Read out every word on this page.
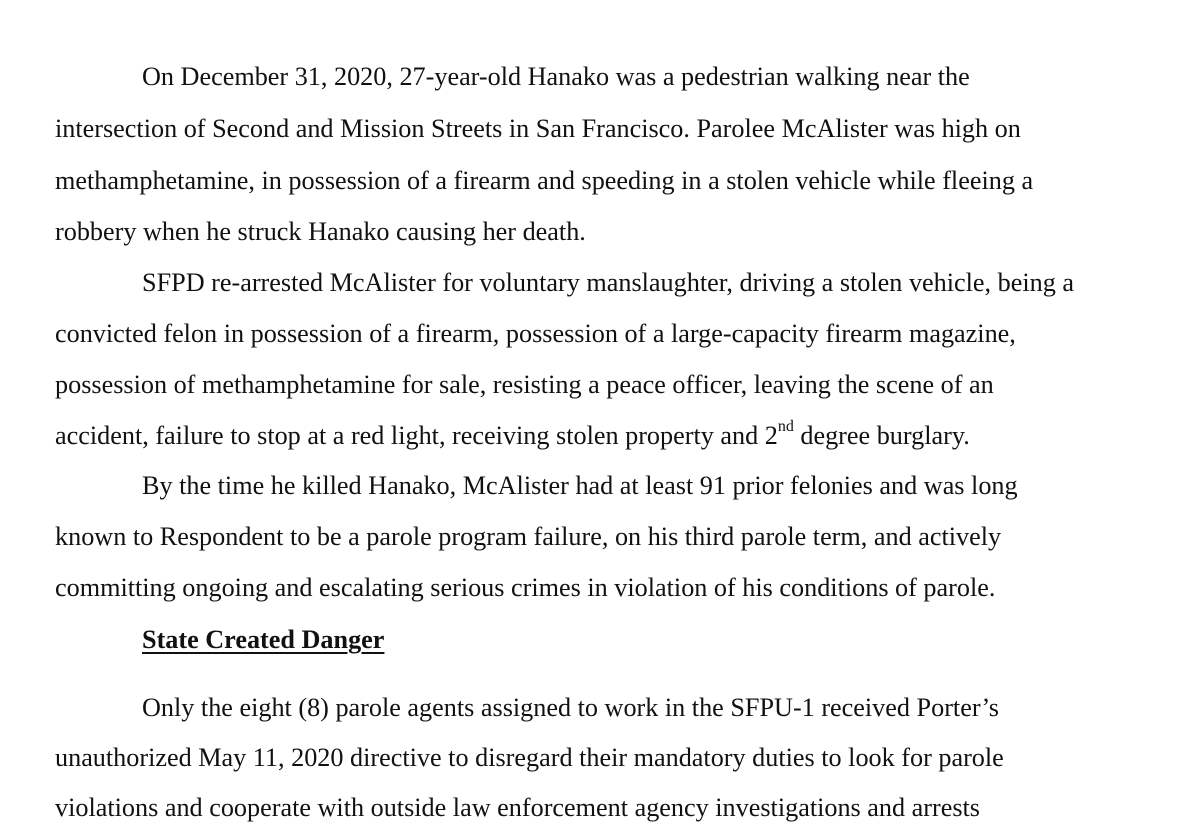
On December 31, 2020, 27-year-old Hanako was a pedestrian walking near the
intersection of Second and Mission Streets in San Francisco. Parolee McAlister was high on
methamphetamine, in possession of a firearm and speeding in a stolen vehicle while fleeing a
robbery when he struck Hanako causing her death.
SFPD re-arrested McAlister for voluntary manslaughter, driving a stolen vehicle, being a
convicted felon in possession of a firearm, possession of a large-capacity firearm magazine,
possession of methamphetamine for sale, resisting a peace officer, leaving the scene of an
accident, failure to stop at a red light, receiving stolen property and 2nd degree burglary.
By the time he killed Hanako, McAlister had at least 91 prior felonies and was long
known to Respondent to be a parole program failure, on his third parole term, and actively
committing ongoing and escalating serious crimes in violation of his conditions of parole.
State Created Danger
Only the eight (8) parole agents assigned to work in the SFPU-1 received Porter’s
unauthorized May 11, 2020 directive to disregard their mandatory duties to look for parole
violations and cooperate with outside law enforcement agency investigations and arrests
